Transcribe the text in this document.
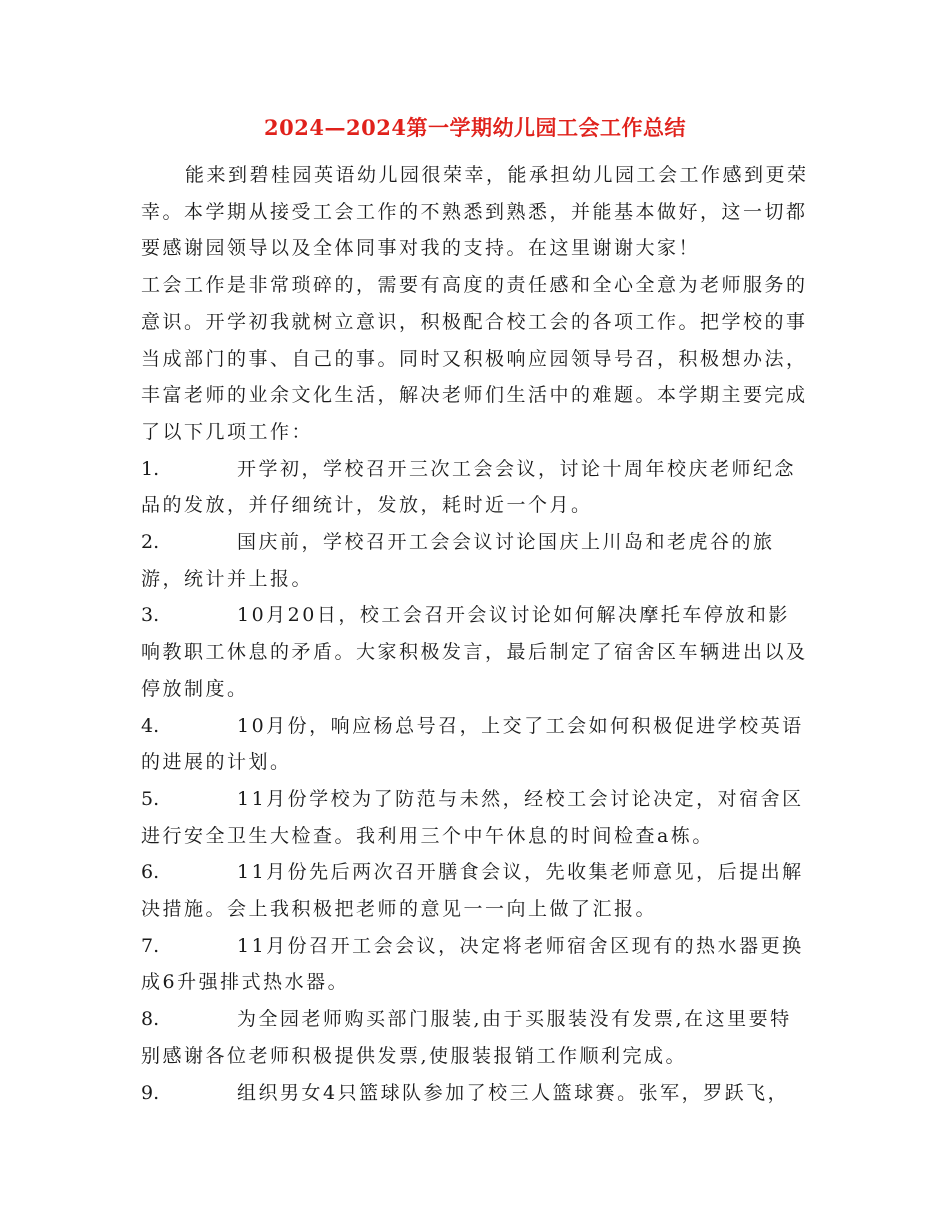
2024—2024第一学期幼儿园工会工作总结

能来到碧桂园英语幼儿园很荣幸，能承担幼儿园工会工作感到更荣幸。本学期从接受工会工作的不熟悉到熟悉，并能基本做好，这一切都要感谢园领导以及全体同事对我的支持。在这里谢谢大家！

工会工作是非常琐碎的，需要有高度的责任感和全心全意为老师服务的意识。开学初我就树立意识，积极配合校工会的各项工作。把学校的事当成部门的事、自己的事。同时又积极响应园领导号召，积极想办法，丰富老师的业余文化生活，解决老师们生活中的难题。本学期主要完成了以下几项工作：

1.	开学初，学校召开三次工会会议，讨论十周年校庆老师纪念品的发放，并仔细统计，发放，耗时近一个月。

2.	国庆前，学校召开工会会议讨论国庆上川岛和老虎谷的旅游，统计并上报。

3.	10月20日，校工会召开会议讨论如何解决摩托车停放和影响教职工休息的矛盾。大家积极发言，最后制定了宿舍区车辆进出以及停放制度。

4.	10月份，响应杨总号召，上交了工会如何积极促进学校英语的进展的计划。

5.	11月份学校为了防范与未然，经校工会讨论决定，对宿舍区进行安全卫生大检查。我利用三个中午休息的时间检查a栋。

6.	11月份先后两次召开膳食会议，先收集老师意见，后提出解决措施。会上我积极把老师的意见一一向上做了汇报。

7.	11月份召开工会会议，决定将老师宿舍区现有的热水器更换成6升强排式热水器。

8.	为全园老师购买部门服装,由于买服装没有发票,在这里要特别感谢各位老师积极提供发票,使服装报销工作顺利完成。

9.	组织男女4只篮球队参加了校三人篮球赛。张军，罗跃飞，
